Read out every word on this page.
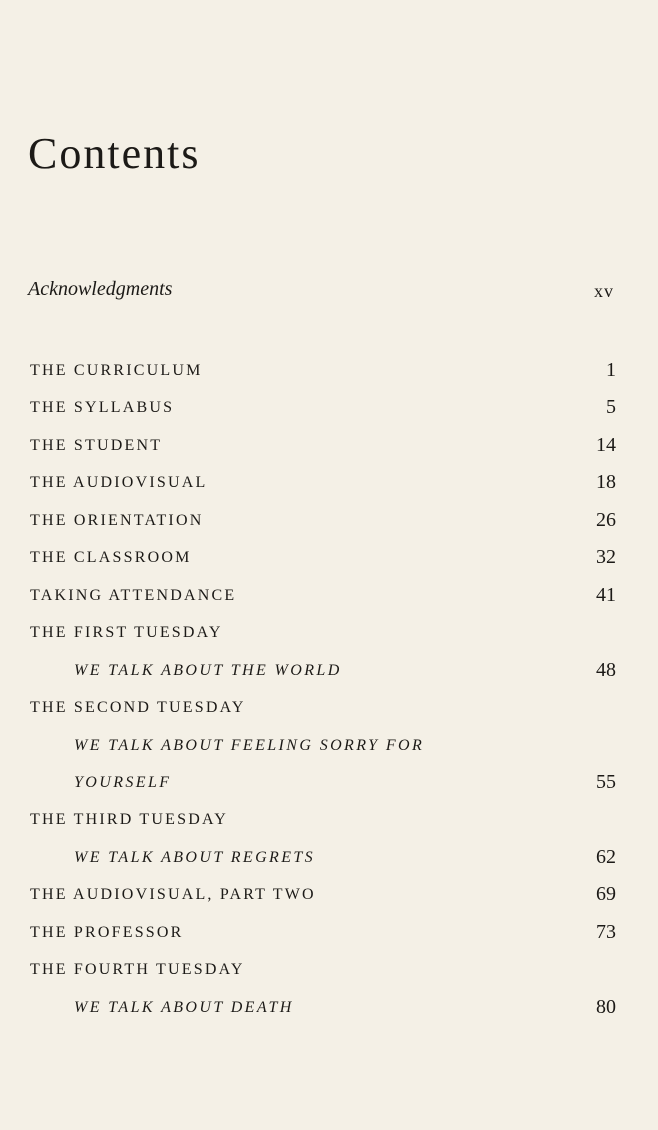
Contents
Acknowledgments	xv
THE CURRICULUM	1
THE SYLLABUS	5
THE STUDENT	14
THE AUDIOVISUAL	18
THE ORIENTATION	26
THE CLASSROOM	32
TAKING ATTENDANCE	41
THE FIRST TUESDAY
WE TALK ABOUT THE WORLD	48
THE SECOND TUESDAY
WE TALK ABOUT FEELING SORRY FOR
YOURSELF	55
THE THIRD TUESDAY
WE TALK ABOUT REGRETS	62
THE AUDIOVISUAL, PART TWO	69
THE PROFESSOR	73
THE FOURTH TUESDAY
WE TALK ABOUT DEATH	80
